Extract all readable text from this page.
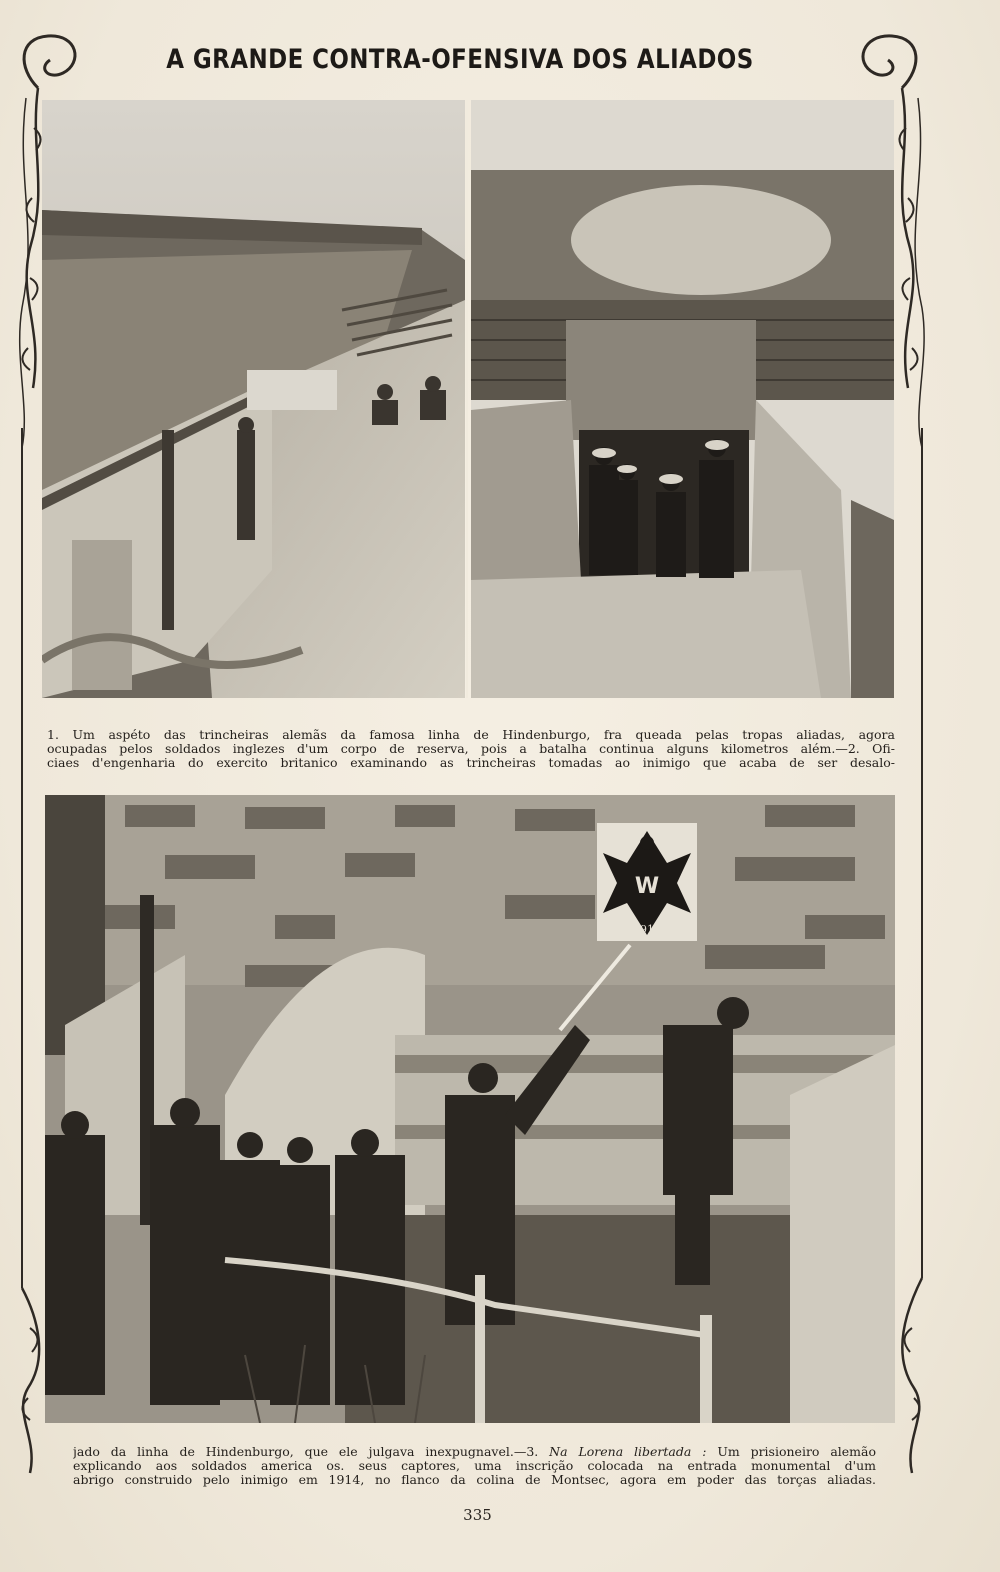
A GRANDE CONTRA-OFENSIVA DOS ALIADOS
1. Um aspéto das trincheiras alemãs da famosa linha de Hindenburgo, fra queada pelas tropas aliadas, agora
ocupadas pelos soldados inglezes d'um corpo de reserva, pois a batalha continua alguns kilometros além.—2. Ofi-
ciaes d'engenharia do exercito britanico examinando as trincheiras tomadas ao inimigo que acaba de ser desalo-
W
1914
jado da linha de Hindenburgo, que ele julgava inexpugnavel.—3. Na Lorena libertada : Um prisioneiro alemão
explicando aos soldados america os. seus captores, uma inscrição colocada na entrada monumental d'um
abrigo construido pelo inimigo em 1914, no flanco da colina de Montsec, agora em poder das torças aliadas.
335
